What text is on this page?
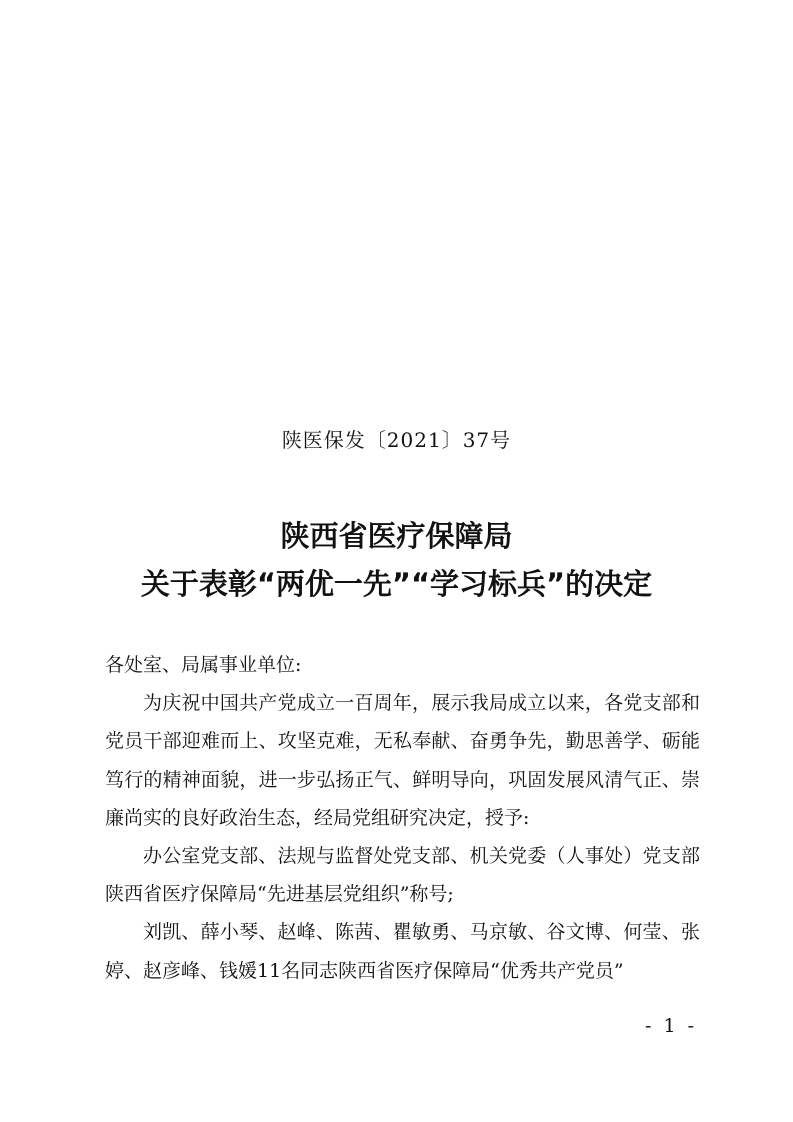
陕医保发〔2021〕37号
陕西省医疗保障局
关于表彰“两优一先”“学习标兵”的决定

各处室、局属事业单位:

为庆祝中国共产党成立一百周年，展示我局成立以来，各党支部和党员干部迎难而上、攻坚克难，无私奉献、奋勇争先，勤思善学、砺能笃行的精神面貌，进一步弘扬正气、鲜明导向，巩固发展风清气正、崇廉尚实的良好政治生态，经局党组研究决定，授予:

办公室党支部、法规与监督处党支部、机关党委（人事处）党支部陕西省医疗保障局“先进基层党组织”称号;

刘凯、薛小琴、赵峰、陈茜、瞿敏勇、马京敏、谷文博、何莹、张婷、赵彦峰、钱媛11名同志陕西省医疗保障局“优秀共产党员”

- 1 -
